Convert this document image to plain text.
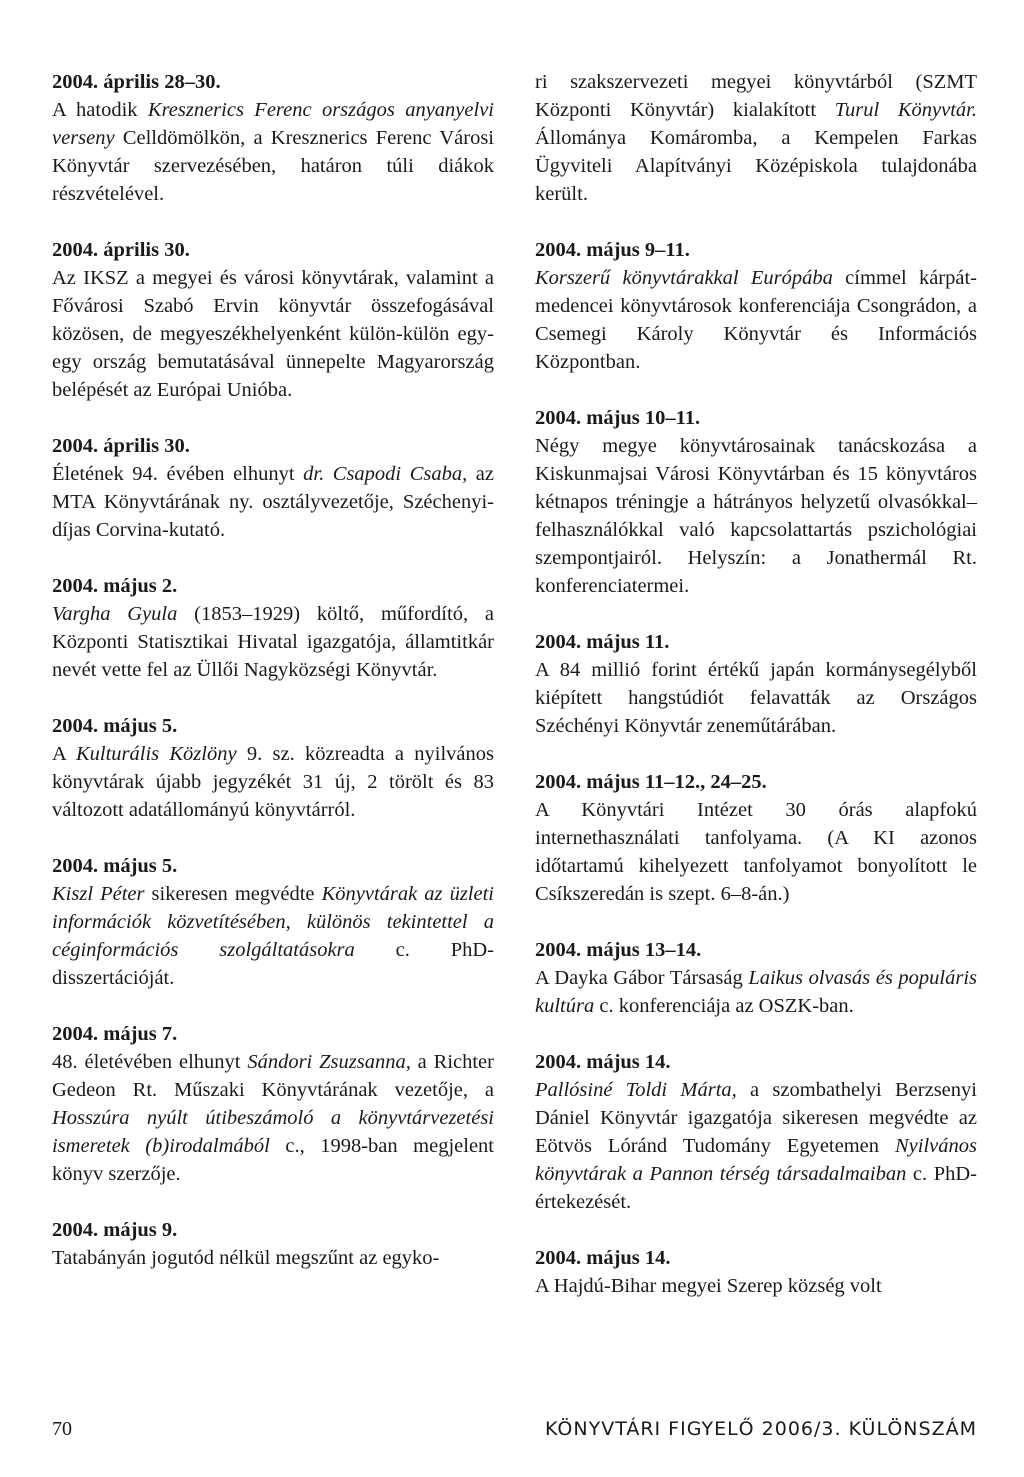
2004. április 28–30.
A hatodik Kresznerics Ferenc országos anyanyelvi verseny Celldömölkön, a Kresznerics Ferenc Városi Könyvtár szervezésében, határon túli diákok részvételével.
2004. április 30.
Az IKSZ a megyei és városi könyvtárak, valamint a Fővárosi Szabó Ervin könyvtár összefogásával közösen, de megyeszékhelyenként külön-külön egy-egy ország bemutatásával ünnepelte Magyarország belépését az Európai Unióba.
2004. április 30.
Életének 94. évében elhunyt dr. Csapodi Csaba, az MTA Könyvtárának ny. osztályvezetője, Széchenyi-díjas Corvina-kutató.
2004. május 2.
Vargha Gyula (1853–1929) költő, műfordító, a Központi Statisztikai Hivatal igazgatója, államtitkár nevét vette fel az Üllői Nagyközségi Könyvtár.
2004. május 5.
A Kulturális Közlöny 9. sz. közreadta a nyilvános könyvtárak újabb jegyzékét 31 új, 2 törölt és 83 változott adatállományú könyvtárról.
2004. május 5.
Kiszl Péter sikeresen megvédte Könyvtárak az üzleti információk közvetítésében, különös tekintettel a céginformációs szolgáltatásokra c. PhD-disszertációját.
2004. május 7.
48. életévében elhunyt Sándori Zsuzsanna, a Richter Gedeon Rt. Műszaki Könyvtárának vezetője, a Hosszúra nyúlt útibeszámoló a könyvtárvezetési ismeretek (b)irodalmából c., 1998-ban megjelent könyv szerzője.
2004. május 9.
Tatabányán jogutód nélkül megszűnt az egyko-
ri szakszervezeti megyei könyvtárból (SZMT Központi Könyvtár) kialakított Turul Könyvtár. Állománya Komáromba, a Kempelen Farkas Ügyviteli Alapítványi Középiskola tulajdonába került.
2004. május 9–11.
Korszerű könyvtárakkal Európába címmel kárpát-medencei könyvtárosok konferenciája Csongrádon, a Csemegi Károly Könyvtár és Információs Központban.
2004. május 10–11.
Négy megye könyvtárosainak tanácskozása a Kiskunmajsai Városi Könyvtárban és 15 könyvtáros kétnapos tréningje a hátrányos helyzetű olvasókkal–felhasználókkal való kapcsolattartás pszichológiai szempontjairól. Helyszín: a Jonathermál Rt. konferenciatermei.
2004. május 11.
A 84 millió forint értékű japán kormánysegélyből kiépített hangstúdiót felavatták az Országos Széchényi Könyvtár zeneműtárában.
2004. május 11–12., 24–25.
A Könyvtári Intézet 30 órás alapfokú internethasználati tanfolyama. (A KI azonos időtartamú kihelyezett tanfolyamot bonyolított le Csíkszeredán is szept. 6–8-án.)
2004. május 13–14.
A Dayka Gábor Társaság Laikus olvasás és populáris kultúra c. konferenciája az OSZK-ban.
2004. május 14.
Pallósiné Toldi Márta, a szombathelyi Berzsenyi Dániel Könyvtár igazgatója sikeresen megvédte az Eötvös Lóránd Tudomány Egyetemen Nyilvános könyvtárak a Pannon térség társadalmaiban c. PhD-értekezését.
2004. május 14.
A Hajdú-Bihar megyei Szerep község volt
70	KÖNYVTÁRI FIGYELŐ 2006/3. KÜLÖNSZÁM
